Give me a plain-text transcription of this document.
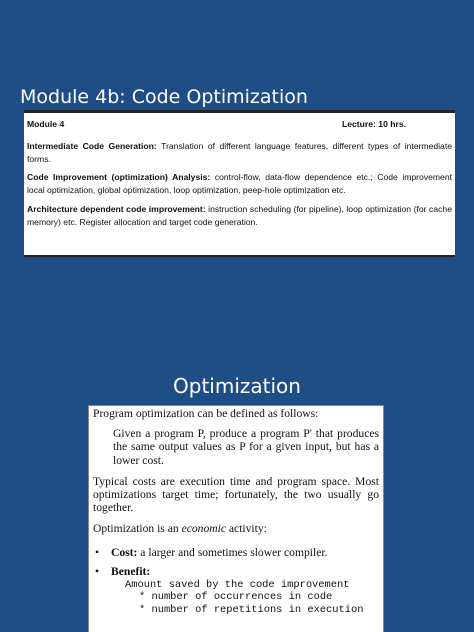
Module 4b: Code Optimization
Module 4	Lecture: 10 hrs.

Intermediate Code Generation: Translation of different language features, different types of intermediate forms.

Code Improvement (optimization) Analysis: control-flow, data-flow dependence etc.; Code improvement local optimization, global optimization, loop optimization, peep-hole optimization etc.

Architecture dependent code improvement: instruction scheduling (for pipeline), loop optimization (for cache memory) etc. Register allocation and target code generation.

Optimization

Program optimization can be defined as follows:

Given a program P, produce a program P' that produces the same output values as P for a given input, but has a lower cost.

Typical costs are execution time and program space. Most optimizations target time; fortunately, the two usually go together.

Optimization is an economic activity:

• Cost: a larger and sometimes slower compiler.
• Benefit:
Amount saved by the code improvement
* number of occurrences in code
* number of repetitions in execution
